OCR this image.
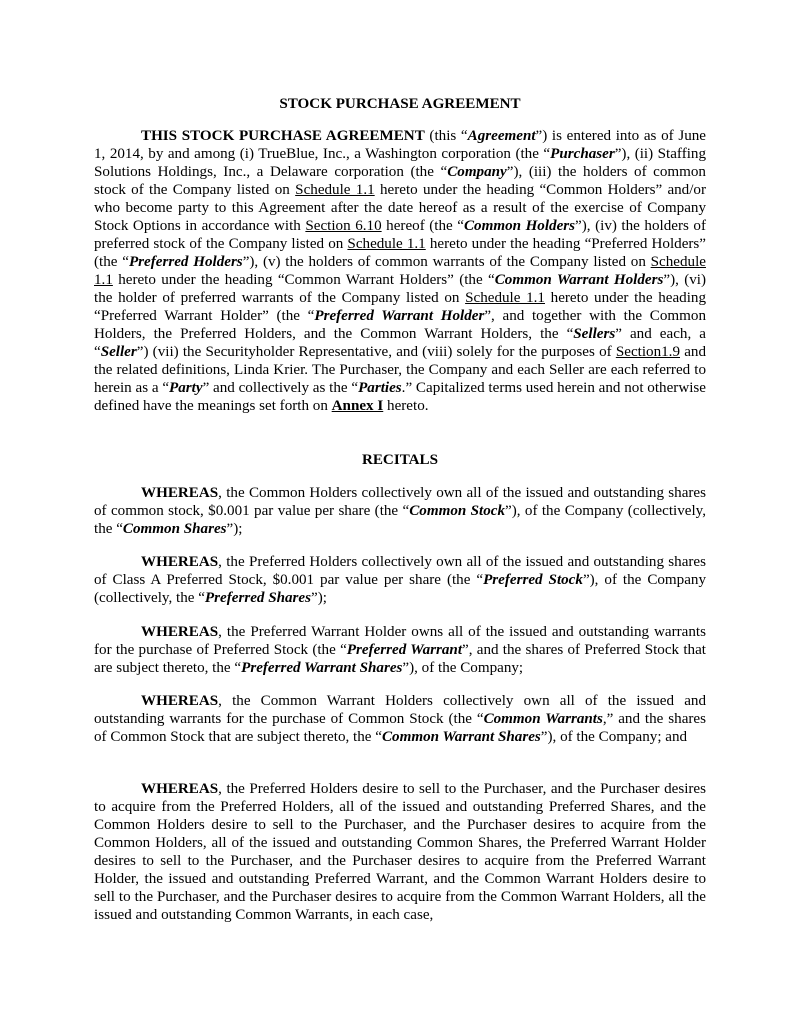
STOCK PURCHASE AGREEMENT

THIS STOCK PURCHASE AGREEMENT (this “Agreement”) is entered into as of June 1, 2014, by and among (i) TrueBlue, Inc., a Washington corporation (the “Purchaser”), (ii) Staffing Solutions Holdings, Inc., a Delaware corporation (the “Company”), (iii) the holders of common stock of the Company listed on Schedule 1.1 hereto under the heading “Common Holders” and/or who become party to this Agreement after the date hereof as a result of the exercise of Company Stock Options in accordance with Section 6.10 hereof (the “Common Holders”), (iv) the holders of preferred stock of the Company listed on Schedule 1.1 hereto under the heading “Preferred Holders” (the “Preferred Holders”), (v) the holders of common warrants of the Company listed on Schedule 1.1 hereto under the heading “Common Warrant Holders” (the “Common Warrant Holders”), (vi) the holder of preferred warrants of the Company listed on Schedule 1.1 hereto under the heading “Preferred Warrant Holder” (the “Preferred Warrant Holder”, and together with the Common Holders, the Preferred Holders, and the Common Warrant Holders, the “Sellers” and each, a “Seller”) (vii) the Securityholder Representative, and (viii) solely for the purposes of Section1.9 and the related definitions, Linda Krier. The Purchaser, the Company and each Seller are each referred to herein as a “Party” and collectively as the “Parties.” Capitalized terms used herein and not otherwise defined have the meanings set forth on Annex I hereto.

RECITALS

WHEREAS, the Common Holders collectively own all of the issued and outstanding shares of common stock, $0.001 par value per share (the “Common Stock”), of the Company (collectively, the “Common Shares”);

WHEREAS, the Preferred Holders collectively own all of the issued and outstanding shares of Class A Preferred Stock, $0.001 par value per share (the “Preferred Stock”), of the Company (collectively, the “Preferred Shares”);

WHEREAS, the Preferred Warrant Holder owns all of the issued and outstanding warrants for the purchase of Preferred Stock (the “Preferred Warrant”, and the shares of Preferred Stock that are subject thereto, the “Preferred Warrant Shares”), of the Company;

WHEREAS, the Common Warrant Holders collectively own all of the issued and outstanding warrants for the purchase of Common Stock (the “Common Warrants,” and the shares of Common Stock that are subject thereto, the “Common Warrant Shares”), of the Company; and

WHEREAS, the Preferred Holders desire to sell to the Purchaser, and the Purchaser desires to acquire from the Preferred Holders, all of the issued and outstanding Preferred Shares, and the Common Holders desire to sell to the Purchaser, and the Purchaser desires to acquire from the Common Holders, all of the issued and outstanding Common Shares, the Preferred Warrant Holder desires to sell to the Purchaser, and the Purchaser desires to acquire from the Preferred Warrant Holder, the issued and outstanding Preferred Warrant, and the Common Warrant Holders desire to sell to the Purchaser, and the Purchaser desires to acquire from the Common Warrant Holders, all the issued and outstanding Common Warrants, in each case,
